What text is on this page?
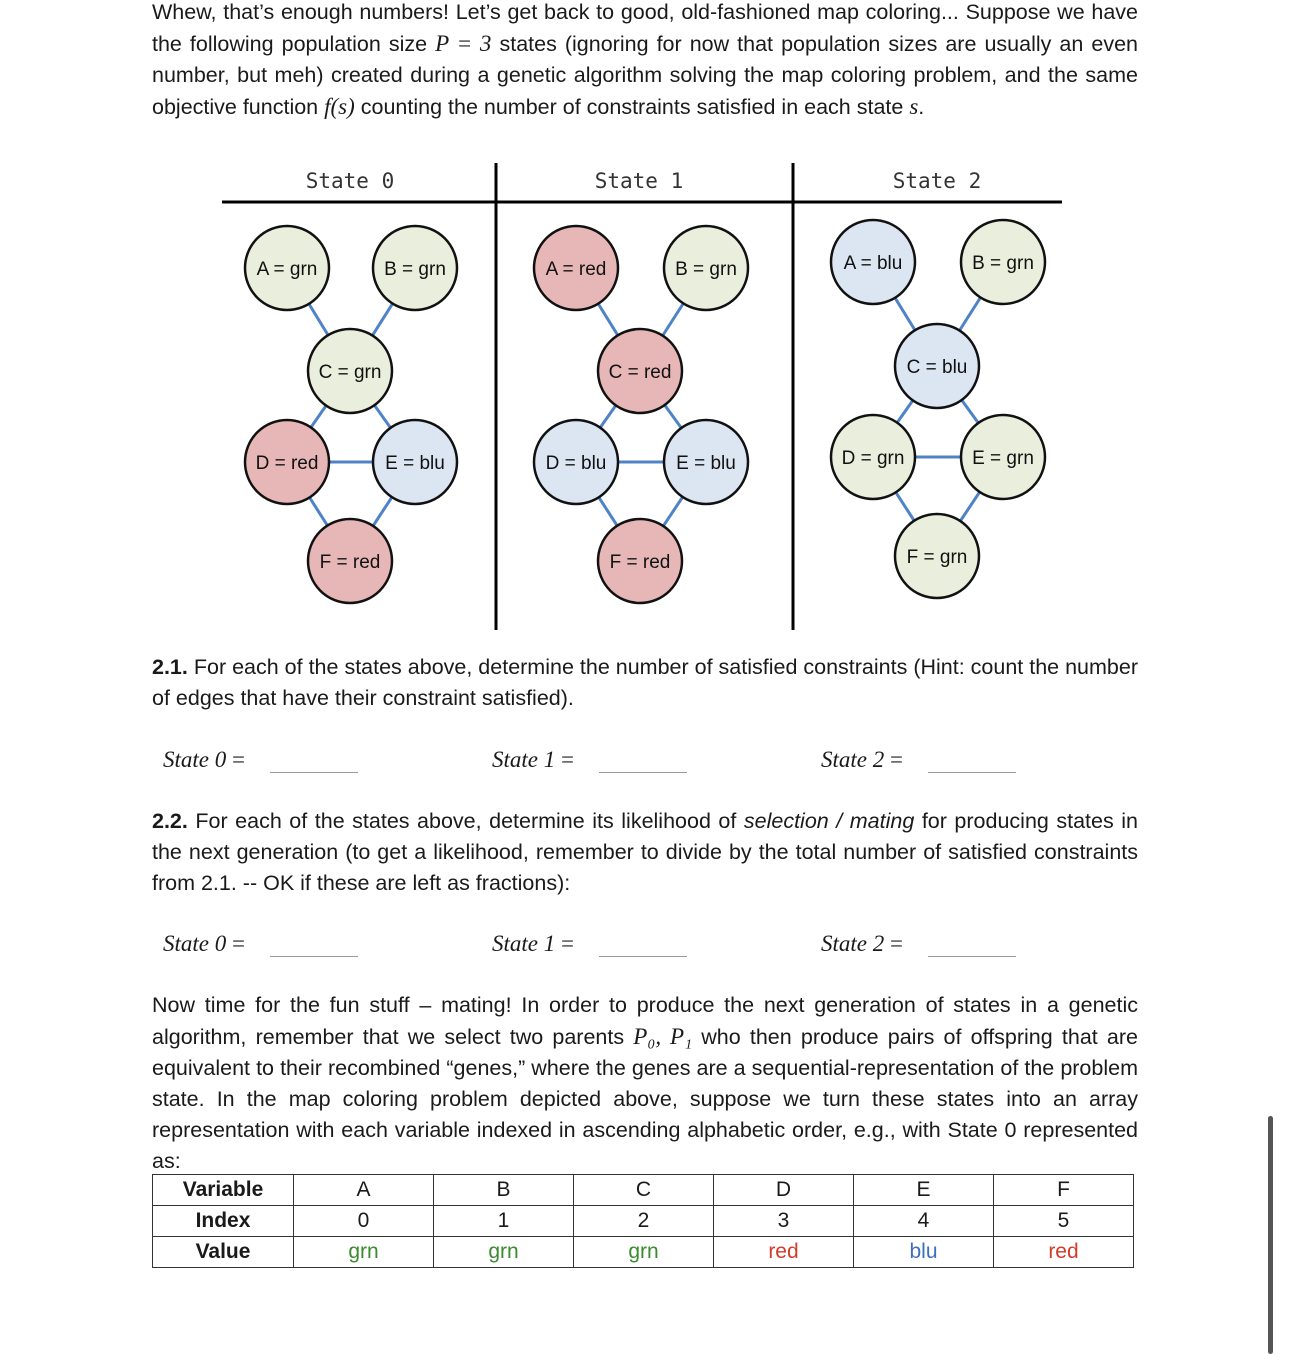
Whew, that’s enough numbers! Let’s get back to good, old-fashioned map coloring... Suppose we have the following population size P = 3 states (ignoring for now that population sizes are usually an even number, but meh) created during a genetic algorithm solving the map coloring problem, and the same objective function f(s) counting the number of constraints satisfied in each state s.

State 0	State 1	State 2
A = grn	B = grn
C = grn
D = red	E = blu
F = red
A = red	B = grn
C = red
D = blu	E = blu
F = red
A = blu	B = grn
C = blu
D = grn	E = grn
F = grn

2.1. For each of the states above, determine the number of satisfied constraints (Hint: count the number of edges that have their constraint satisfied).

State 0 =	State 1 =	State 2 =

2.2. For each of the states above, determine its likelihood of selection / mating for producing states in the next generation (to get a likelihood, remember to divide by the total number of satisfied constraints from 2.1. -- OK if these are left as fractions):

State 0 =	State 1 =	State 2 =

Now time for the fun stuff – mating! In order to produce the next generation of states in a genetic algorithm, remember that we select two parents P₀, P₁ who then produce pairs of offspring that are equivalent to their recombined “genes,” where the genes are a sequential-representation of the problem state. In the map coloring problem depicted above, suppose we turn these states into an array representation with each variable indexed in ascending alphabetic order, e.g., with State 0 represented as:

Variable	A	B	C	D	E	F
Index	0	1	2	3	4	5
Value	grn	grn	grn	red	blu	red
